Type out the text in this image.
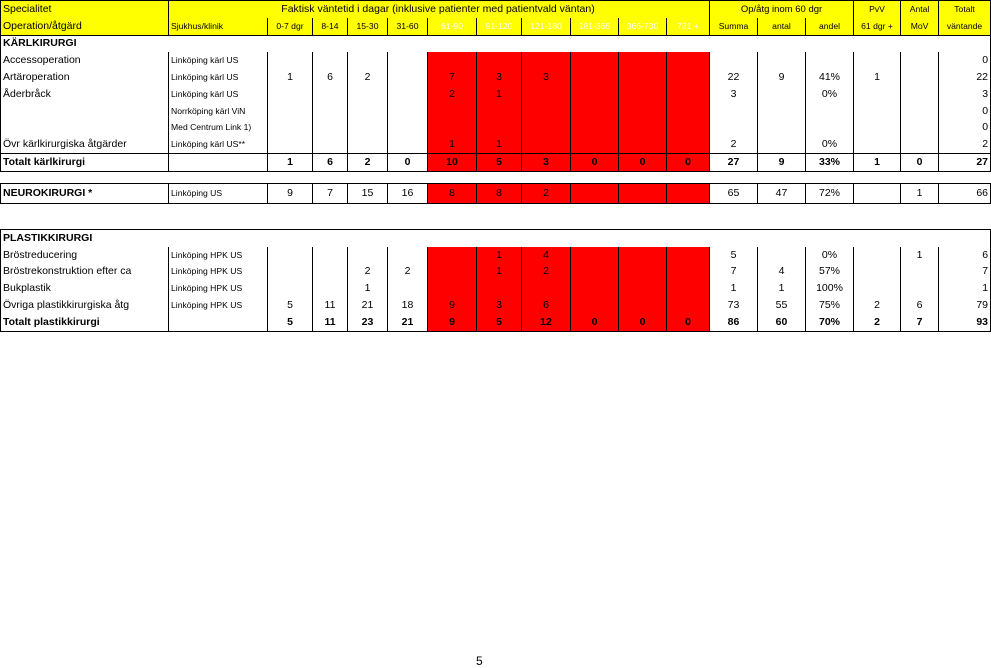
Specialitet	Faktisk väntetid i dagar (inklusive patienter med patientvald väntan)											Op/åtg inom 60 dgr			PvV	Antal	Totalt
Operation/åtgärd	Sjukhus/klinik	0-7 dgr	8-14	15-30	31-60	61-90	91-120	121-180	181-365	366-730	731 +	Summa	antal	andel	61 dgr +	MoV	väntande
KÄRLKIRURGI																	
Accessoperation	Linköping kärl US																0
Artäroperation	Linköping kärl US	1	6	2		7	3	3				22	9	41%	1		22
Åderbråck	Linköping kärl US					2	1					3		0%			3
	Norrköping kärl ViN																0
	Med Centrum Link 1)																0
Övr kärlkirurgiska åtgärder	Linköping kärl US**					1	1					2		0%			2
Totalt kärlkirurgi		1	6	2	0	10	5	3	0	0	0	27	9	33%	1	0	27
NEUROKIRURGI *	Linköping US	9	7	15	16	8	8	2				65	47	72%		1	66
PLASTIKKIRURGI																	
Bröstreducering	Linköping HPK US						1	4				5		0%		1	6
Bröstrekonstruktion efter ca	Linköping HPK US			2	2		1	2				7	4	57%			7
Bukplastik	Linköping HPK US			1								1	1	100%			1
Övriga plastikkirurgiska åtg	Linköping HPK US	5	11	21	18	9	3	6				73	55	75%	2	6	79
Totalt plastikkirurgi		5	11	23	21	9	5	12	0	0	0	86	60	70%	2	7	93
5
